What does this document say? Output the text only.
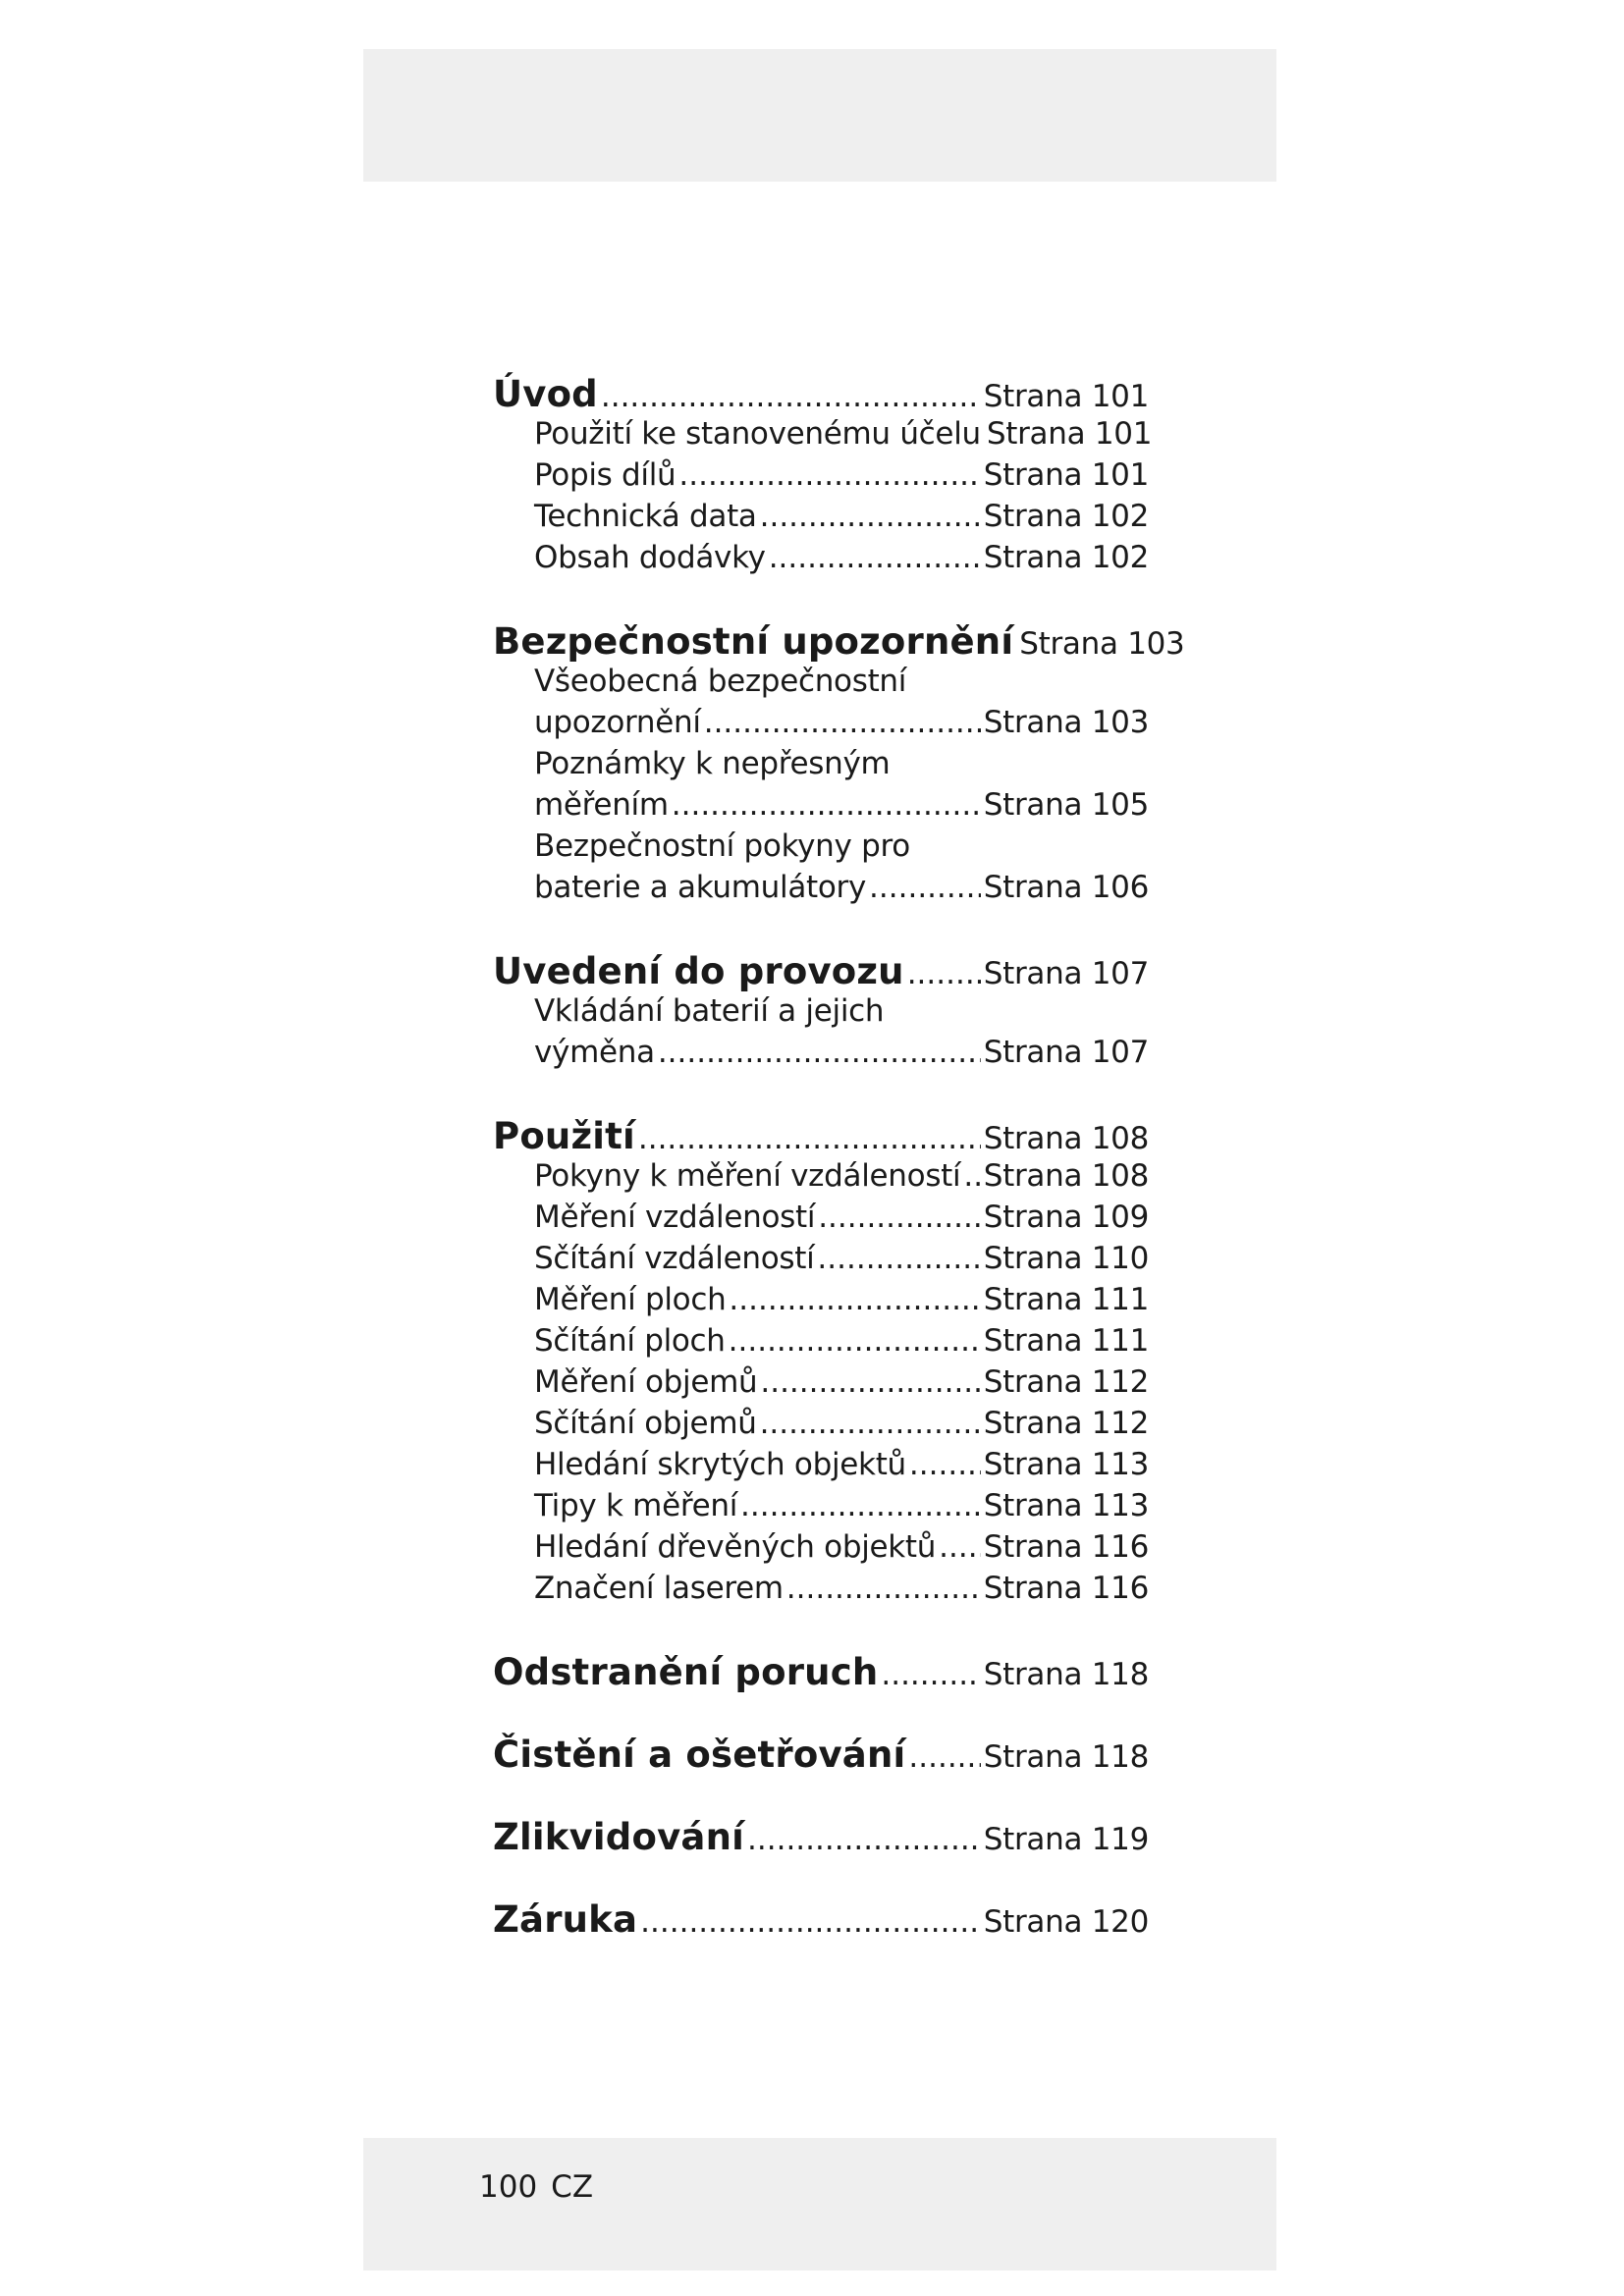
Úvod .....	Strana 101
Použití ke stanovenému účelu Strana 101
Popis dílů .....	Strana 101
Technická data .....	Strana 102
Obsah dodávky .....	Strana 102
Bezpečnostní upozornění Strana 103
Všeobecná bezpečnostní
upozornění .....	Strana 103
Poznámky k nepřesným
měřením .....	Strana 105
Bezpečnostní pokyny pro
baterie a akumulátory .....	Strana 106
Uvedení do provozu .....	Strana 107
Vkládání baterií a jejich
výměna .....	Strana 107
Použití .....	Strana 108
Pokyny k měření vzdáleností ..... Strana 108
Měření vzdáleností .....	Strana 109
Sčítání vzdáleností .....	Strana 110
Měření ploch .....	Strana 111
Sčítání ploch .....	Strana 111
Měření objemů .....	Strana 112
Sčítání objemů .....	Strana 112
Hledání skrytých objektů .....	Strana 113
Tipy k měření .....	Strana 113
Hledání dřevěných objektů ..... Strana 116
Značení laserem .....	Strana 116
Odstranění poruch .....	Strana 118
Čistění a ošetřování .....	Strana 118
Zlikvidování .....	Strana 119
Záruka .....	Strana 120
100 CZ
